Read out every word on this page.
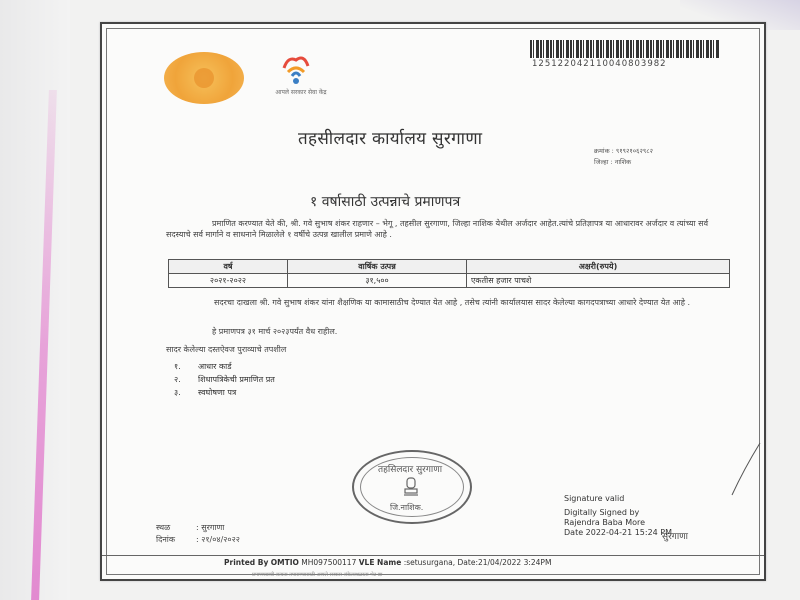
आपले सरकार सेवा केंद्र
125122042110040803982
तहसीलदार कार्यालय सुरगाणा
क्रमांक : ९१९२१०६२९८२
जिल्हा : नाशिक
१ वर्षासाठी उत्पन्नाचे प्रमाणपत्र
प्रमाणित करण्यात येते की, श्री. गवे सुभाष शंकर राहणार – भेगू , तहसील सुरगाणा, जिल्हा नाशिक येथील अर्जदार आहेत.त्यांचे प्रतिज्ञापत्र या आधारावर अर्जदार व त्यांच्या सर्व सदस्याचे सर्व मार्गाने व साधनाने मिळालेले १ वर्षीचे उत्पन्न खालील प्रमाणे आहे .
वर्ष	वार्षिक उत्पन्न	अक्षरी(रुपये)
२०२१-२०२२	३१,५००	एकतीस हजार पाचशे
सदरचा दाखला श्री. गवे सुभाष शंकर यांना शैक्षणिक या कामासाठीच देण्यात येत आहे , तसेच त्यांनी कार्यालयास सादर केलेल्या कागदपत्राच्या आधारे देण्यात येत आहे .
हे प्रमाणपत्र ३१ मार्च २०२३पर्यंत वैध राहील.
सादर केलेल्या दस्तऐवज पुराव्याचे तपशील
१. आधार कार्ड
२. शिधापत्रिकेची प्रमाणित प्रत
३. स्वघोषणा पत्र
तहसिलदार सुरगाणा
जि.नाशिक.
Signature valid
Digitally Signed by
Rajendra Baba More
Date 2022-04-21 15:24 PM
सुरगाणा
स्थळ	: सुरगाणा
दिनांक	: २१/०४/२०२२
Printed By OMTIO MH097500117 VLE Name :setusurgana, Date:21/04/2022 3:24PM
प्रमाणपत्राची सत्यता तपासण्यासाठी आपले सरकार संकेतस्थळाला भेट द्या
